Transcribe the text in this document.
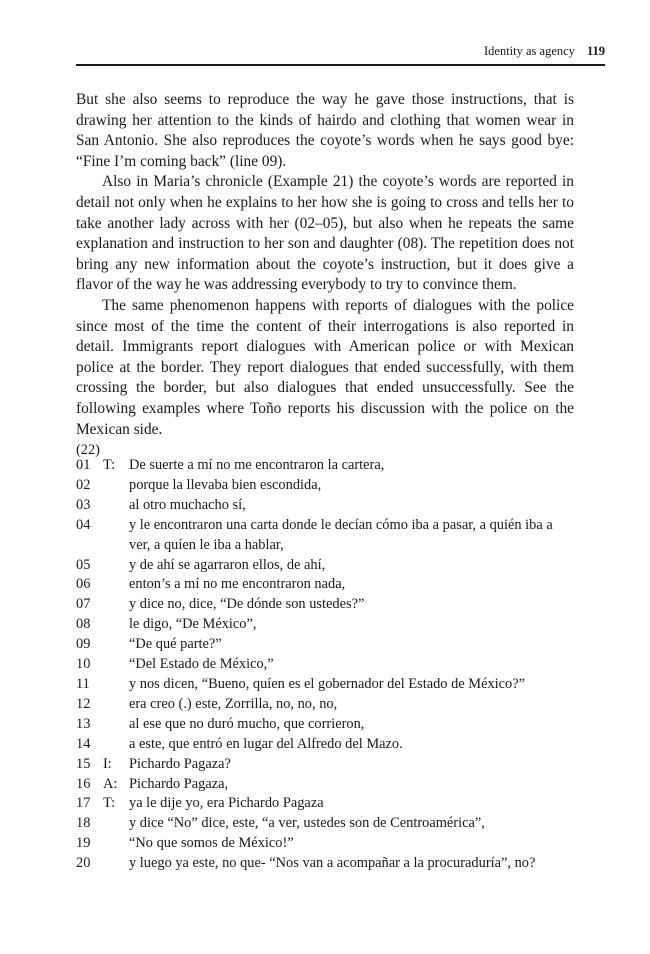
Identity as agency 119

But she also seems to reproduce the way he gave those instructions, that is drawing her attention to the kinds of hairdo and clothing that women wear in San Antonio. She also reproduces the coyote’s words when he says good bye: “Fine I’m coming back” (line 09).

Also in Maria’s chronicle (Example 21) the coyote’s words are reported in detail not only when he explains to her how she is going to cross and tells her to take another lady across with her (02–05), but also when he repeats the same explanation and instruction to her son and daughter (08). The repetition does not bring any new information about the coyote’s instruction, but it does give a flavor of the way he was addressing everybody to try to convince them.

The same phenomenon happens with reports of dialogues with the police since most of the time the content of their interrogations is also reported in detail. Immigrants report dialogues with American police or with Mexican police at the border. They report dialogues that ended successfully, with them crossing the border, but also dialogues that ended unsuccessfully. See the following examples where Toño reports his discussion with the police on the Mexican side.

(22)
01 T: De suerte a mí no me encontraron la cartera,
02	porque la llevaba bien escondida,
03	al otro muchacho sí,
04	y le encontraron una carta donde le decían cómo iba a pasar, a quién iba a ver, a quíen le iba a hablar,
05	y de ahí se agarraron ellos, de ahí,
06	enton’s a mí no me encontraron nada,
07	y dice no, dice, “De dónde son ustedes?”
08	le digo, “De México”,
09	“De qué parte?”
10	“Del Estado de México,”
11	y nos dicen, “Bueno, quíen es el gobernador del Estado de México?”
12	era creo (.) este, Zorrilla, no, no, no,
13	al ese que no duró mucho, que corrieron,
14	a este, que entró en lugar del Alfredo del Mazo.
15 I:	Pichardo Pagaza?
16 A: Pichardo Pagaza,
17 T: ya le dije yo, era Pichardo Pagaza
18	y dice “No” dice, este, “a ver, ustedes son de Centroamérica”,
19	“No que somos de México!”
20	y luego ya este, no que- “Nos van a acompañar a la procuraduría”, no?
